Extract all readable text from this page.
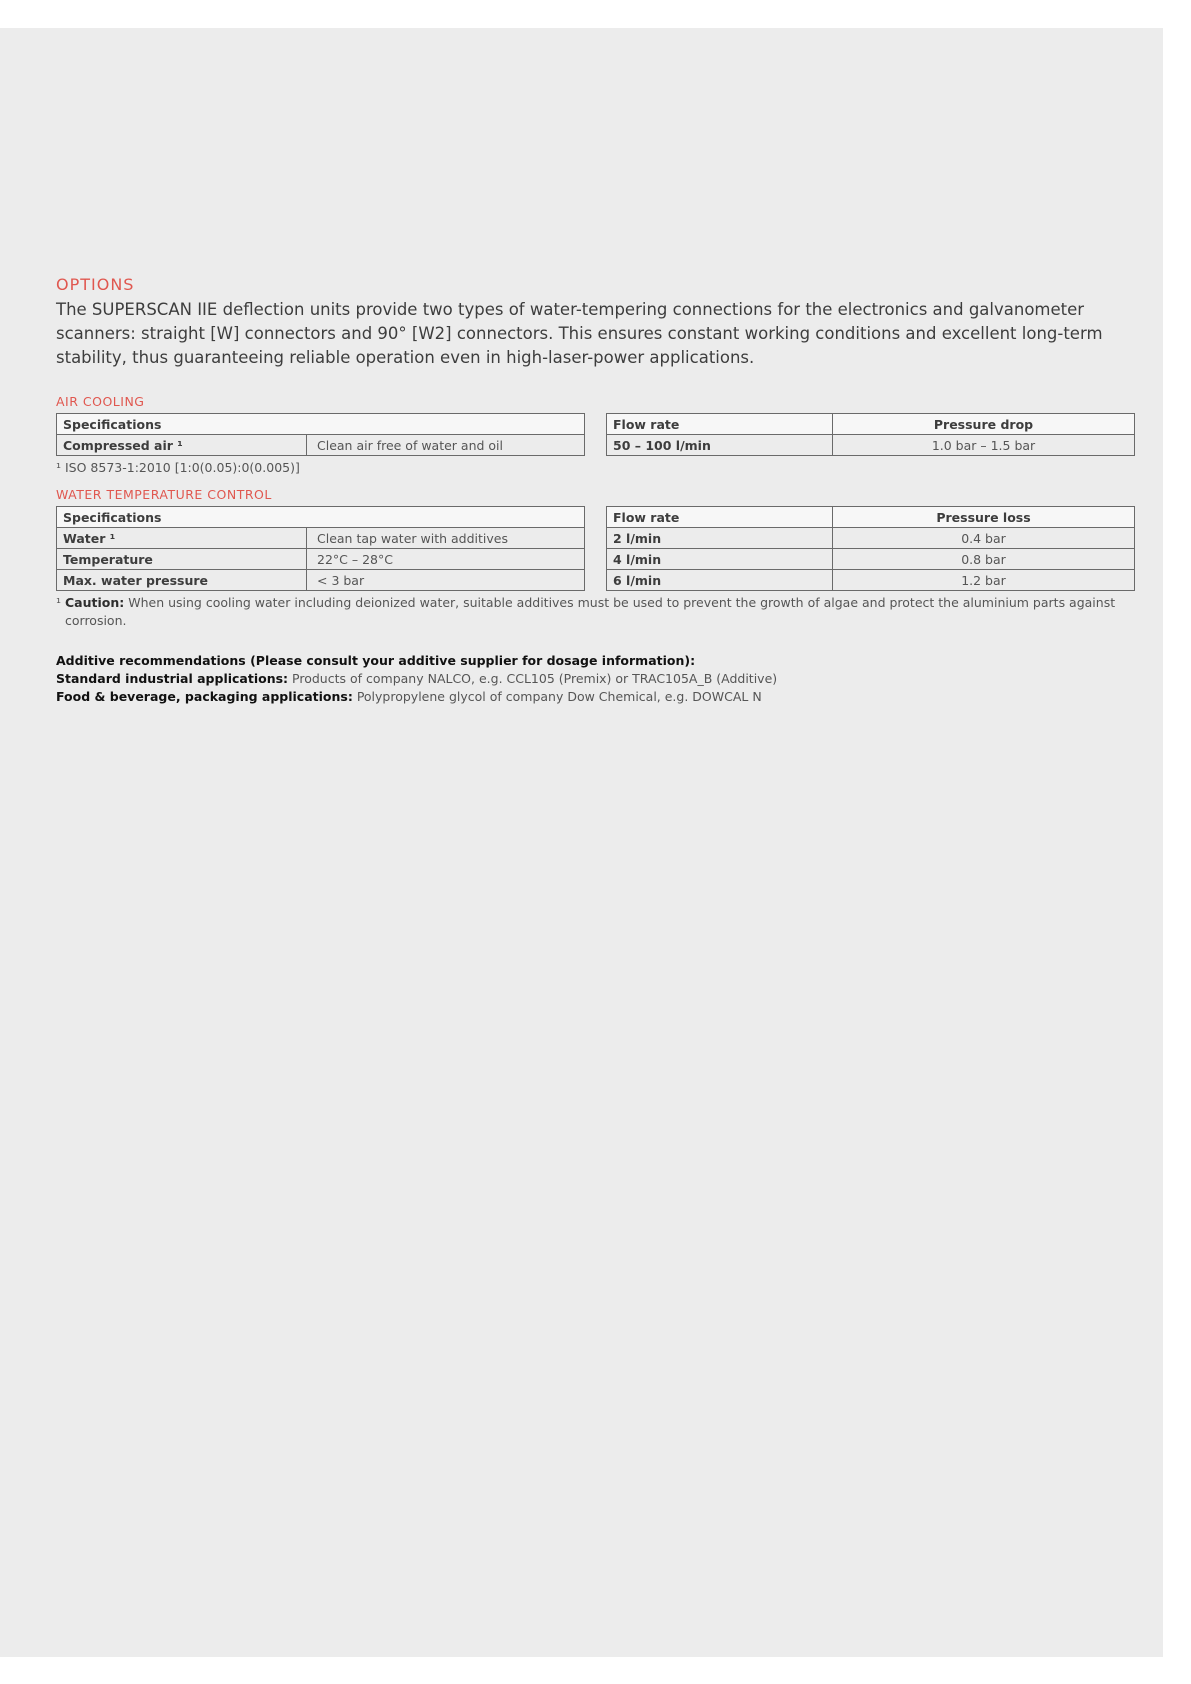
OPTIONS

The SUPERSCAN IIE deflection units provide two types of water-tempering connections for the electronics and galvanometer scanners: straight [W] connectors and 90° [W2] connectors. This ensures constant working conditions and excellent long-term stability, thus guaranteeing reliable operation even in high-laser-power applications.

AIR COOLING
Specifications
Compressed air ¹	Clean air free of water and oil
Flow rate	Pressure drop
50 – 100 l/min	1.0 bar – 1.5 bar

¹ ISO 8573-1:2010 [1:0(0.05):0(0.005)]

WATER TEMPERATURE CONTROL
Specifications	
Water ¹	Clean tap water with additives
Temperature	22°C – 28°C
Max. water pressure	< 3 bar
Flow rate	Pressure loss
2 l/min	0.4 bar
4 l/min	0.8 bar
6 l/min	1.2 bar

¹ Caution: When using cooling water including deionized water, suitable additives must be used to prevent the growth of algae and protect the aluminium parts against corrosion.

Additive recommendations (Please consult your additive supplier for dosage information):
Standard industrial applications: Products of company NALCO, e.g. CCL105 (Premix) or TRAC105A_B (Additive)
Food & beverage, packaging applications: Polypropylene glycol of company Dow Chemical, e.g. DOWCAL N
